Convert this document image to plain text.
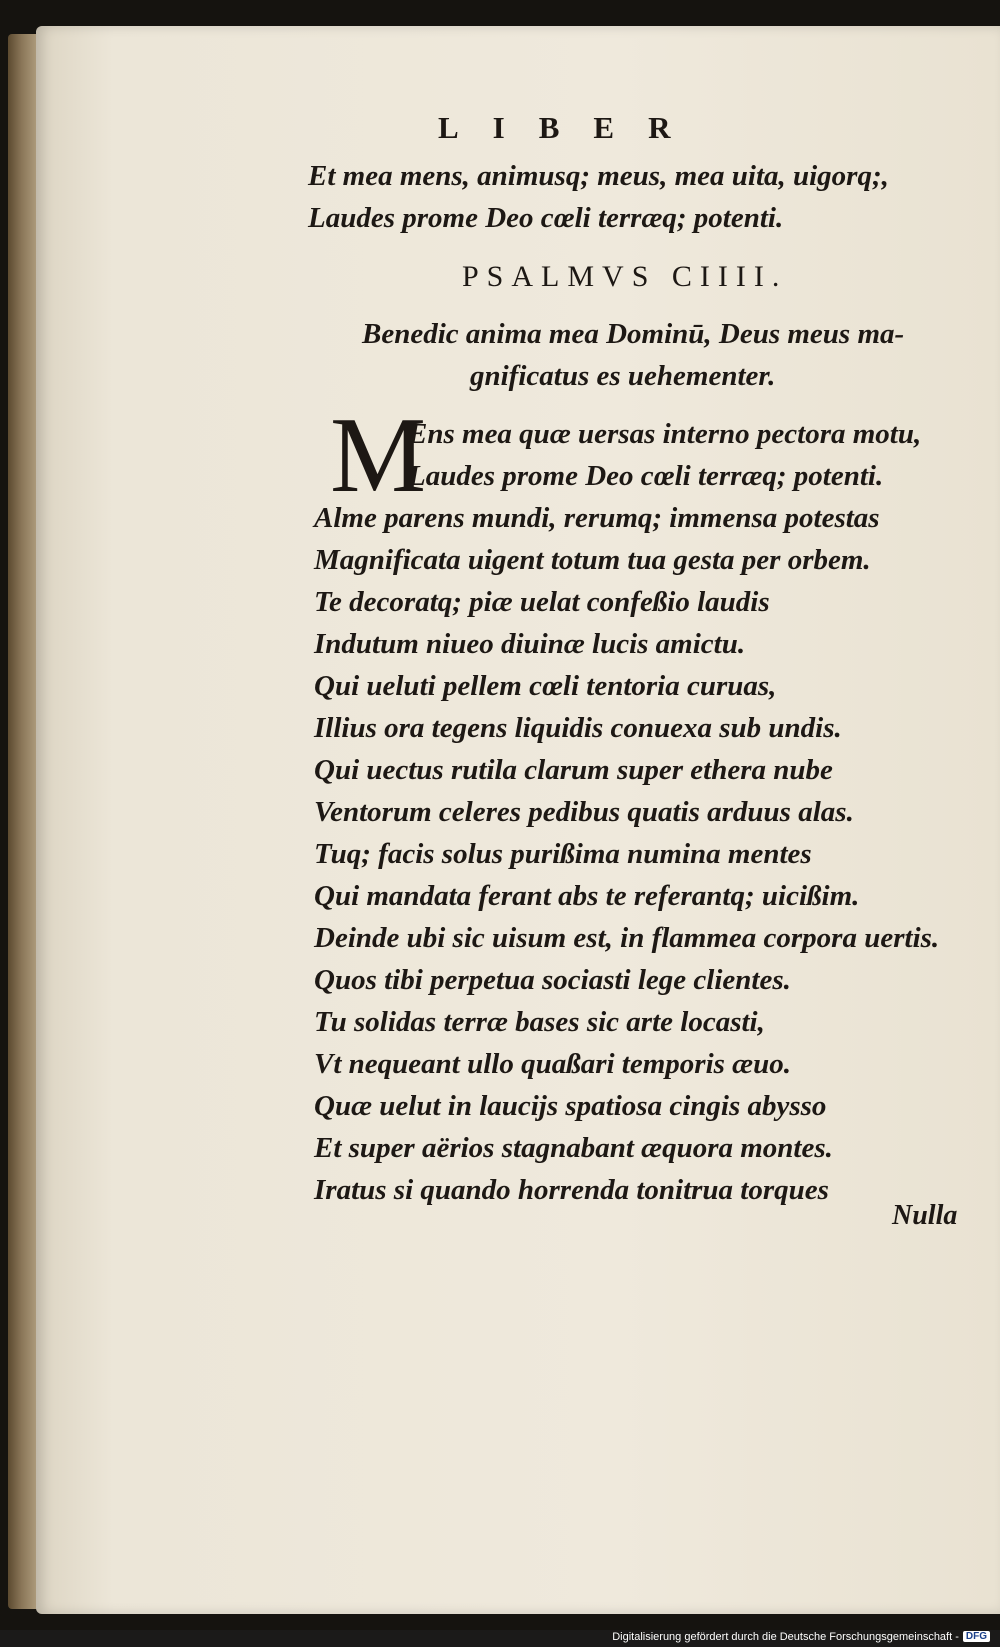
LIBER
Et mea mens, animusq; meus, mea uita, uigorq;,
Laudes prome Deo cœli terræq; potenti.
PSALMVS CIIII.
Benedic anima mea Dominū, Deus meus ma-
gnificatus es uehementer.
M
Ens mea quæ uersas interno pectora motu,
Laudes prome Deo cœli terræq; potenti.
Alme parens mundi, rerumq; immensa potestas
Magnificata uigent totum tua gesta per orbem.
Te decoratq; piæ uelat confeßio laudis
Indutum niueo diuinæ lucis amictu.
Qui ueluti pellem cœli tentoria curuas,
Illius ora tegens liquidis conuexa sub undis.
Qui uectus rutila clarum super ethera nube
Ventorum celeres pedibus quatis arduus alas.
Tuq; facis solus purißima numina mentes
Qui mandata ferant abs te referantq; uicißim.
Deinde ubi sic uisum est, in flammea corpora uertis.
Quos tibi perpetua sociasti lege clientes.
Tu solidas terræ bases sic arte locasti,
Vt nequeant ullo quaßari temporis æuo.
Quæ uelut in laucijs spatiosa cingis abysso
Et super aërios stagnabant æquora montes.
Iratus si quando horrenda tonitrua torques
Nulla
Digitalisierung gefördert durch die Deutsche Forschungsgemeinschaft - DFG
